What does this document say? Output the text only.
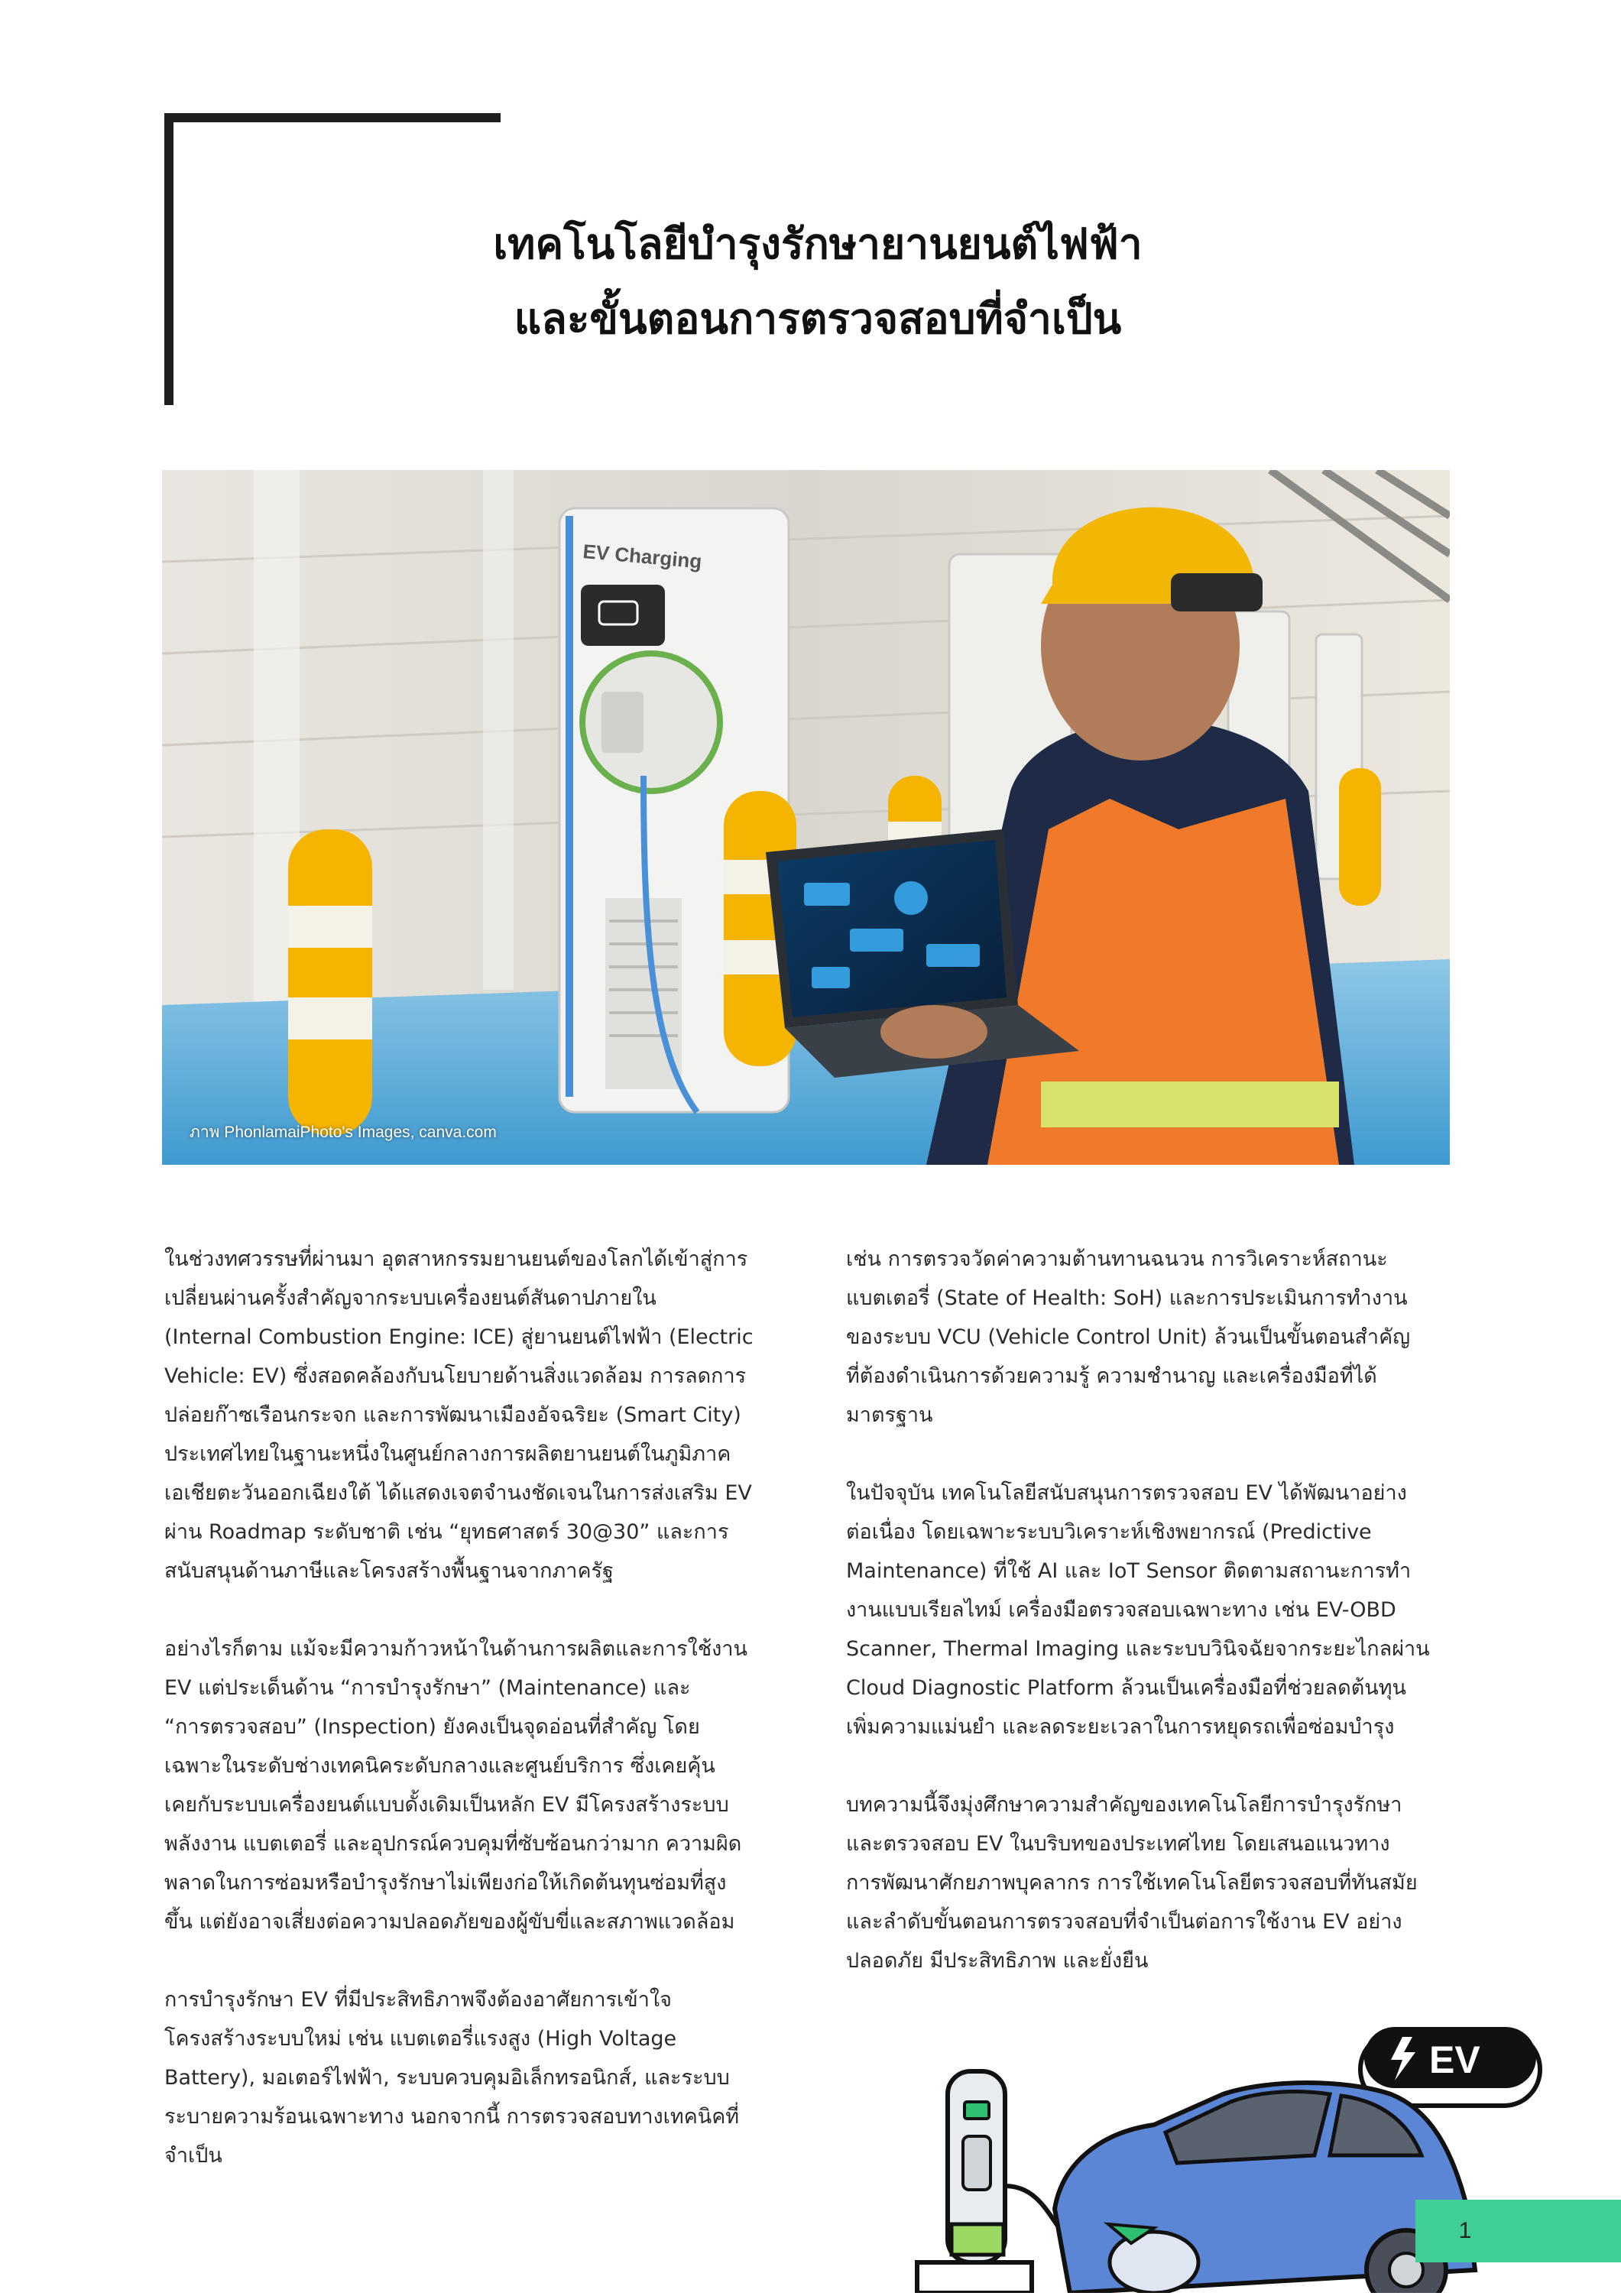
เทคโนโลยีบำรุงรักษายานยนต์ไฟฟ้า
และขั้นตอนการตรวจสอบที่จำเป็น
EV Charging
ภาพ PhonlamaiPhoto's Images, canva.com

ในช่วงทศวรรษที่ผ่านมา อุตสาหกรรมยานยนต์ของโลกได้เข้าสู่การ
เปลี่ยนผ่านครั้งสำคัญจากระบบเครื่องยนต์สันดาปภายใน
(Internal Combustion Engine: ICE) สู่ยานยนต์ไฟฟ้า (Electric
Vehicle: EV) ซึ่งสอดคล้องกับนโยบายด้านสิ่งแวดล้อม การลดการ
ปล่อยก๊าซเรือนกระจก และการพัฒนาเมืองอัจฉริยะ (Smart City)
ประเทศไทยในฐานะหนึ่งในศูนย์กลางการผลิตยานยนต์ในภูมิภาค
เอเชียตะวันออกเฉียงใต้ ได้แสดงเจตจำนงชัดเจนในการส่งเสริม EV
ผ่าน Roadmap ระดับชาติ เช่น “ยุทธศาสตร์ 30@30” และการ
สนับสนุนด้านภาษีและโครงสร้างพื้นฐานจากภาครัฐ

อย่างไรก็ตาม แม้จะมีความก้าวหน้าในด้านการผลิตและการใช้งาน
EV แต่ประเด็นด้าน “การบำรุงรักษา” (Maintenance) และ
“การตรวจสอบ” (Inspection) ยังคงเป็นจุดอ่อนที่สำคัญ โดย
เฉพาะในระดับช่างเทคนิคระดับกลางและศูนย์บริการ ซึ่งเคยคุ้น
เคยกับระบบเครื่องยนต์แบบดั้งเดิมเป็นหลัก EV มีโครงสร้างระบบ
พลังงาน แบตเตอรี่ และอุปกรณ์ควบคุมที่ซับซ้อนกว่ามาก ความผิด
พลาดในการซ่อมหรือบำรุงรักษาไม่เพียงก่อให้เกิดต้นทุนซ่อมที่สูง
ขึ้น แต่ยังอาจเสี่ยงต่อความปลอดภัยของผู้ขับขี่และสภาพแวดล้อม

การบำรุงรักษา EV ที่มีประสิทธิภาพจึงต้องอาศัยการเข้าใจ
โครงสร้างระบบใหม่ เช่น แบตเตอรี่แรงสูง (High Voltage
Battery), มอเตอร์ไฟฟ้า, ระบบควบคุมอิเล็กทรอนิกส์, และระบบ
ระบายความร้อนเฉพาะทาง นอกจากนี้ การตรวจสอบทางเทคนิคที่
จำเป็น

เช่น การตรวจวัดค่าความต้านทานฉนวน การวิเคราะห์สถานะ
แบตเตอรี่ (State of Health: SoH) และการประเมินการทำงาน
ของระบบ VCU (Vehicle Control Unit) ล้วนเป็นขั้นตอนสำคัญ
ที่ต้องดำเนินการด้วยความรู้ ความชำนาญ และเครื่องมือที่ได้
มาตรฐาน

ในปัจจุบัน เทคโนโลยีสนับสนุนการตรวจสอบ EV ได้พัฒนาอย่าง
ต่อเนื่อง โดยเฉพาะระบบวิเคราะห์เชิงพยากรณ์ (Predictive
Maintenance) ที่ใช้ AI และ IoT Sensor ติดตามสถานะการทำ
งานแบบเรียลไทม์ เครื่องมือตรวจสอบเฉพาะทาง เช่น EV-OBD
Scanner, Thermal Imaging และระบบวินิจฉัยจากระยะไกลผ่าน
Cloud Diagnostic Platform ล้วนเป็นเครื่องมือที่ช่วยลดต้นทุน
เพิ่มความแม่นยำ และลดระยะเวลาในการหยุดรถเพื่อซ่อมบำรุง

บทความนี้จึงมุ่งศึกษาความสำคัญของเทคโนโลยีการบำรุงรักษา
และตรวจสอบ EV ในบริบทของประเทศไทย โดยเสนอแนวทาง
การพัฒนาศักยภาพบุคลากร การใช้เทคโนโลยีตรวจสอบที่ทันสมัย
และลำดับขั้นตอนการตรวจสอบที่จำเป็นต่อการใช้งาน EV อย่าง
ปลอดภัย มีประสิทธิภาพ และยั่งยืน

EV
1
